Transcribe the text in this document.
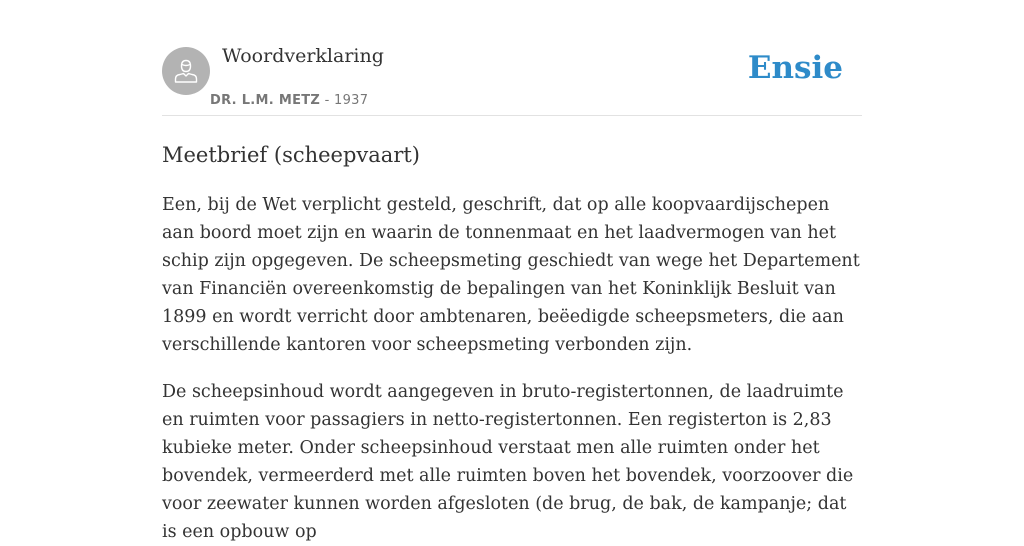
Woordverklaring
DR. L.M. METZ - 1937
Ensie
Meetbrief (scheepvaart)

Een, bij de Wet verplicht gesteld, geschrift, dat op alle koopvaardijschepen aan boord moet zijn en waarin de tonnenmaat en het laadvermogen van het schip zijn opgegeven. De scheepsmeting geschiedt van wege het Departement van Financiën overeenkomstig de bepalingen van het Koninklijk Besluit van 1899 en wordt verricht door ambtenaren, beëedigde scheepsmeters, die aan verschillende kantoren voor scheepsmeting verbonden zijn.

De scheepsinhoud wordt aangegeven in bruto-registertonnen, de laadruimte en ruimten voor passagiers in netto-registertonnen. Een registerton is 2,83 kubieke meter. Onder scheepsinhoud verstaat men alle ruimten onder het bovendek, vermeerderd met alle ruimten boven het bovendek, voorzoover die voor zeewater kunnen worden afgesloten (de brug, de bak, de kampanje; dat is een opbouw op
